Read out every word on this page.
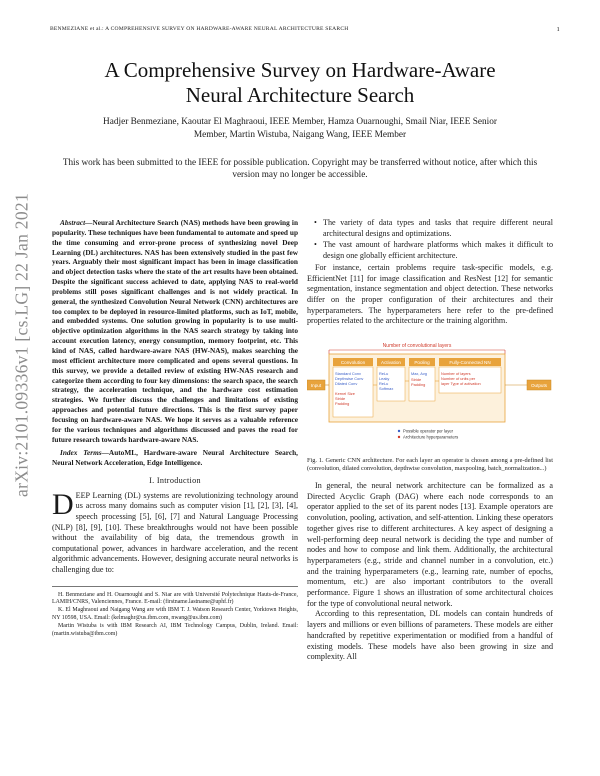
BENMEZIANE et al.: A COMPREHENSIVE SURVEY ON HARDWARE-AWARE NEURAL ARCHITECTURE SEARCH	1
arXiv:2101.09336v1 [cs.LG] 22 Jan 2021
A Comprehensive Survey on Hardware-Aware
Neural Architecture Search
Hadjer Benmeziane, Kaoutar El Maghraoui, IEEE Member, Hamza Ouarnoughi, Smail Niar, IEEE Senior
Member, Martin Wistuba, Naigang Wang, IEEE Member
This work has been submitted to the IEEE for possible publication. Copyright may be transferred without notice, after which this version may no longer be accessible.

Abstract—Neural Architecture Search (NAS) methods have been growing in popularity. These techniques have been fundamental to automate and speed up the time consuming and error-prone process of synthesizing novel Deep Learning (DL) architectures. NAS has been extensively studied in the past few years. Arguably their most significant impact has been in image classification and object detection tasks where the state of the art results have been obtained. Despite the significant success achieved to date, applying NAS to real-world problems still poses significant challenges and is not widely practical. In general, the synthesized Convolution Neural Network (CNN) architectures are too complex to be deployed in resource-limited platforms, such as IoT, mobile, and embedded systems. One solution growing in popularity is to use multi-objective optimization algorithms in the NAS search strategy by taking into account execution latency, energy consumption, memory footprint, etc. This kind of NAS, called hardware-aware NAS (HW-NAS), makes searching the most efficient architecture more complicated and opens several questions. In this survey, we provide a detailed review of existing HW-NAS research and categorize them according to four key dimensions: the search space, the search strategy, the acceleration technique, and the hardware cost estimation strategies. We further discuss the challenges and limitations of existing approaches and potential future directions. This is the first survey paper focusing on hardware-aware NAS. We hope it serves as a valuable reference for the various techniques and algorithms discussed and paves the road for future research towards hardware-aware NAS.

Index Terms—AutoML, Hardware-aware Neural Architecture Search, Neural Network Acceleration, Edge Intelligence.

I. Introduction

DEEP Learning (DL) systems are revolutionizing technology around us across many domains such as computer vision [1], [2], [3], [4], speech processing [5], [6], [7] and Natural Language Processing (NLP) [8], [9], [10]. These breakthroughs would not have been possible without the availability of big data, the tremendous growth in computational power, advances in hardware acceleration, and the recent algorithmic advancements. However, designing accurate neural networks is challenging due to:

H. Benmeziane and H. Ouarnoughi and S. Niar are with Université Polytechnique Hauts-de-France, LAMIH/CNRS, Valenciennes, France. E-mail: (firstname.lastname@uphf.fr)

K. El Maghraoui and Naigang Wang are with IBM T. J. Watson Research Center, Yorktown Heights, NY 10598, USA. Email: (kelmaghr@us.ibm.com, nwang@us.ibm.com)

Martin Wistuba is with IBM Research AI, IBM Technology Campus, Dublin, Ireland. Email: (martin.wistuba@ibm.com)

• The variety of data types and tasks that require different neural architectural designs and optimizations.
• The vast amount of hardware platforms which makes it difficult to design one globally efficient architecture.

For instance, certain problems require task-specific models, e.g. EfficientNet [11] for image classification and ResNest [12] for semantic segmentation, instance segmentation and object detection. These networks differ on the proper configuration of their architectures and their hyperparameters. The hyperparameters here refer to the pre-defined properties related to the architecture or the training algorithm.

Number of convolutional layers
Input	Outputs
Convolution
Standard Conv
Depthwise Conv
Dilated Conv
Kernel Size
Stride
Padding
Activation
ReLu
Leaky
ReLu
Softmax
Pooling
Max, Avg
Stride
Padding
Fully-Connected NN
Number of layers
Number of units per
layer Type of activation
Possible operator per layer
Architecture hyperparameters

Fig. 1. Generic CNN architecture. For each layer an operator is chosen among a pre-defined list (convolution, dilated convolution, depthwise convolution, maxpooling, batch_normalization...)

In general, the neural network architecture can be formalized as a Directed Acyclic Graph (DAG) where each node corresponds to an operator applied to the set of its parent nodes [13]. Example operators are convolution, pooling, activation, and self-attention. Linking these operators together gives rise to different architectures. A key aspect of designing a well-performing deep neural network is deciding the type and number of nodes and how to compose and link them. Additionally, the architectural hyperparameters (e.g., stride and channel number in a convolution, etc.) and the training hyperparameters (e.g., learning rate, number of epochs, momentum, etc.) are also important contributors to the overall performance. Figure 1 shows an illustration of some architectural choices for the type of convolutional neural network.

According to this representation, DL models can contain hundreds of layers and millions or even billions of parameters. These models are either handcrafted by repetitive experimentation or modified from a handful of existing models. These models have also been growing in size and complexity. All
